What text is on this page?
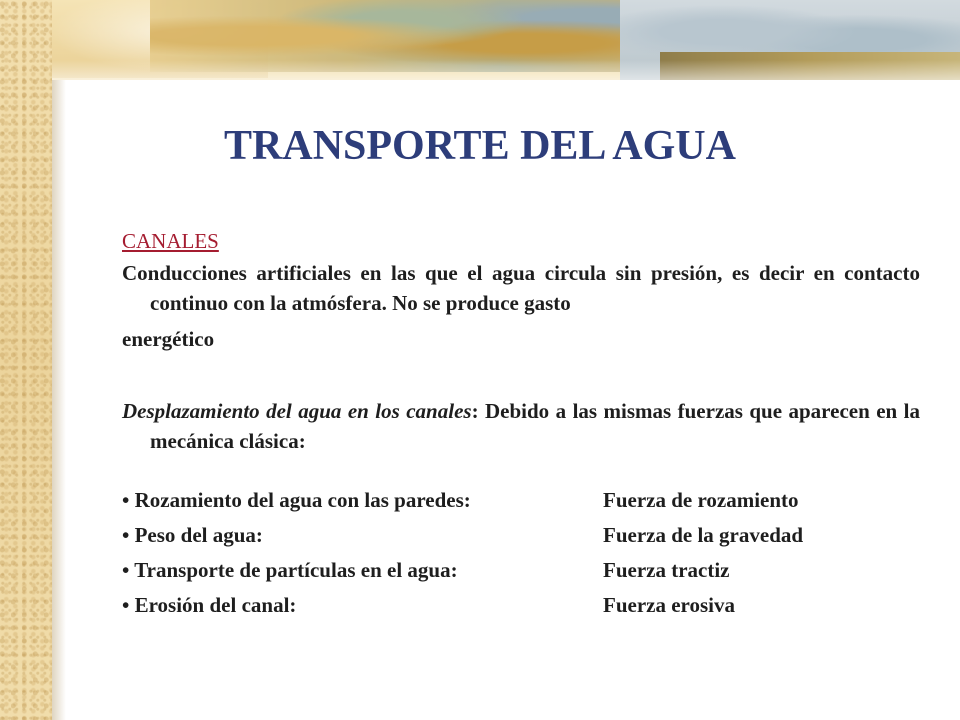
TRANSPORTE DEL AGUA
CANALES

Conducciones artificiales en las que el agua circula sin presión, es decir en contacto continuo con la atmósfera. No se produce gasto
energético

Desplazamiento del agua en los canales: Debido a las mismas fuerzas que aparecen en la mecánica clásica:

• Rozamiento del agua con las paredes:	Fuerza de rozamiento
• Peso del agua:	Fuerza de la gravedad
• Transporte de partículas en el agua:	Fuerza tractiz
• Erosión del canal:	Fuerza erosiva
